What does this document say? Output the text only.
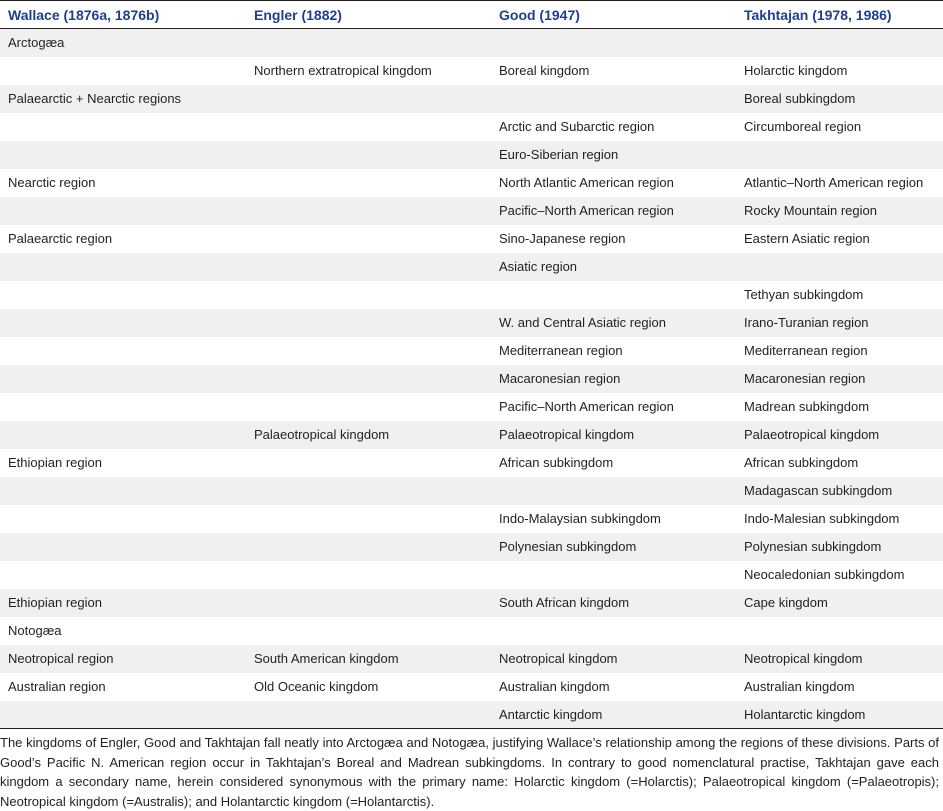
Wallace (1876a, 1876b)	Engler (1882)	Good (1947)	Takhtajan (1978, 1986)
Arctogæa			
	Northern extratropical kingdom	Boreal kingdom	Holarctic kingdom
Palaearctic + Nearctic regions			Boreal subkingdom
		Arctic and Subarctic region	Circumboreal region
		Euro-Siberian region	
Nearctic region		North Atlantic American region	Atlantic–North American region
		Pacific–North American region	Rocky Mountain region
Palaearctic region		Sino-Japanese region	Eastern Asiatic region
		Asiatic region	
			Tethyan subkingdom
		W. and Central Asiatic region	Irano-Turanian region
		Mediterranean region	Mediterranean region
		Macaronesian region	Macaronesian region
		Pacific–North American region	Madrean subkingdom
	Palaeotropical kingdom	Palaeotropical kingdom	Palaeotropical kingdom
Ethiopian region		African subkingdom	African subkingdom
			Madagascan subkingdom
		Indo-Malaysian subkingdom	Indo-Malesian subkingdom
		Polynesian subkingdom	Polynesian subkingdom
			Neocaledonian subkingdom
Ethiopian region		South African kingdom	Cape kingdom
Notogæa			
Neotropical region	South American kingdom	Neotropical kingdom	Neotropical kingdom
Australian region	Old Oceanic kingdom	Australian kingdom	Australian kingdom
		Antarctic kingdom	Holantarctic kingdom

The kingdoms of Engler, Good and Takhtajan fall neatly into Arctogæa and Notogæa, justifying Wallace’s relationship among the regions of these divisions. Parts of Good’s Pacific N. American region occur in Takhtajan’s Boreal and Madrean subkingdoms. In contrary to good nomenclatural practise, Takhtajan gave each kingdom a secondary name, herein considered synonymous with the primary name: Holarctic kingdom (=Holarctis); Palaeotropical kingdom (=Palaeotropis); Neotropical kingdom (=Australis); and Holantarctic kingdom (=Holantarctis).
